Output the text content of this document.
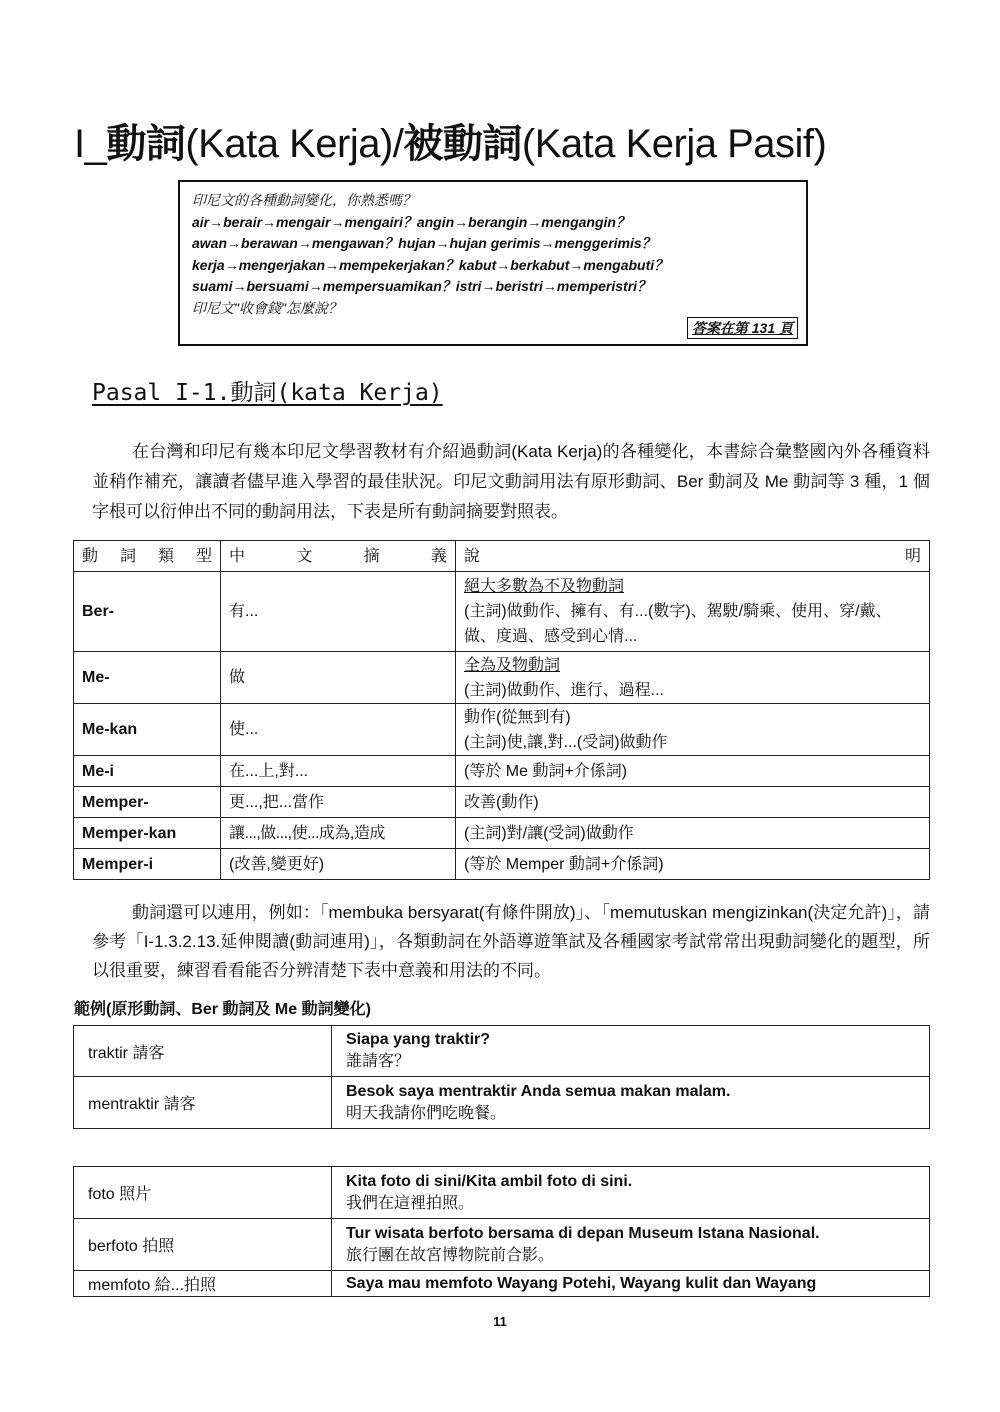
I_動詞(Kata Kerja)/被動詞(Kata Kerja Pasif)
印尼文的各種動詞變化，你熟悉嗎？
air→berair→mengair→mengairi？angin→berangin→mengangin？
awan→berawan→mengawan？hujan→hujan gerimis→menggerimis？
kerja→mengerjakan→mempekerjakan？kabut→berkabut→mengabuti？
suami→bersuami→mempersuamikan？istri→beristri→memperistri？
印尼文"收會錢"怎麼說？
答案在第 131 頁
Pasal I-1.動詞(kata Kerja)

在台灣和印尼有幾本印尼文學習教材有介紹過動詞(Kata Kerja)的各種變化，本書綜合彙整國內外各種資料並稍作補充，讓讀者儘早進入學習的最佳狀況。印尼文動詞用法有原形動詞、Ber 動詞及 Me 動詞等 3 種，1 個字根可以衍伸出不同的動詞用法，下表是所有動詞摘要對照表。

動 詞 類 型	中 文 摘 義	說 明

Ber-	有...	絕大多數為不及物動詞
(主詞)做動作、擁有、有...(數字)、駕駛/騎乘、使用、穿/戴、做、度過、感受到心情...

Me-	做	全為及物動詞
(主詞)做動作、進行、過程...

Me-kan	使...	動作(從無到有)
(主詞)使,讓,對...(受詞)做動作

Me-i	在...上,對...	(等於 Me 動詞+介係詞)
Memper-	更...,把...當作	改善(動作)
Memper-kan	讓...,做...,使...成為,造成	(主詞)對/讓(受詞)做動作
Memper-i	(改善,變更好)	(等於 Memper 動詞+介係詞)

動詞還可以連用，例如：「membuka bersyarat(有條件開放)」、「memutuskan mengizinkan(決定允許)」，請參考「I-1.3.2.13.延伸閱讀(動詞連用)」，各類動詞在外語導遊筆試及各種國家考試常常出現動詞變化的題型，所以很重要，練習看看能否分辨清楚下表中意義和用法的不同。

範例(原形動詞、Ber 動詞及 Me 動詞變化)
traktir 請客	Siapa yang traktir?
誰請客？

mentraktir 請客	Besok saya mentraktir Anda semua makan malam.
明天我請你們吃晚餐。
foto 照片	Kita foto di sini/Kita ambil foto di sini.
我們在這裡拍照。

berfoto 拍照	Tur wisata berfoto bersama di depan Museum Istana Nasional.
旅行團在故宮博物院前合影。

memfoto 給...拍照	Saya mau memfoto Wayang Potehi, Wayang kulit dan Wayang
11
